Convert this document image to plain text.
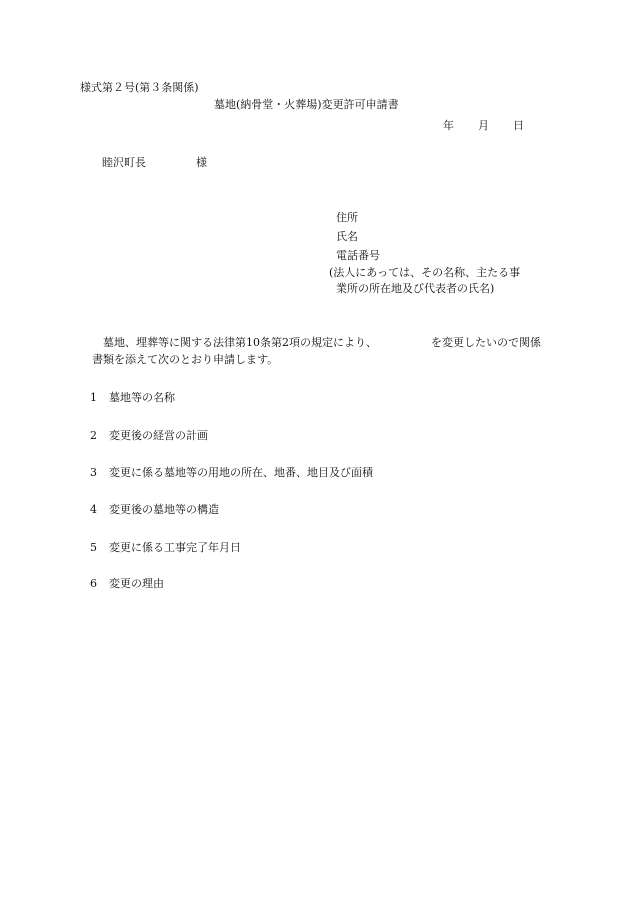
様式第２号(第３条関係)

墓地(納骨堂・火葬場)変更許可申請書

年 月 日

睦沢町長	様

住所

氏名

電話番号

(法人にあっては、その名称、主たる事

業所の所在地及び代表者の氏名)

墓地、埋葬等に関する法律第10条第2項の規定により、	を変更したいので関係

書類を添えて次のとおり申請します。

1 墓地等の名称

2 変更後の経営の計画

3 変更に係る墓地等の用地の所在、地番、地目及び面積

4 変更後の墓地等の構造

5 変更に係る工事完了年月日

6 変更の理由
